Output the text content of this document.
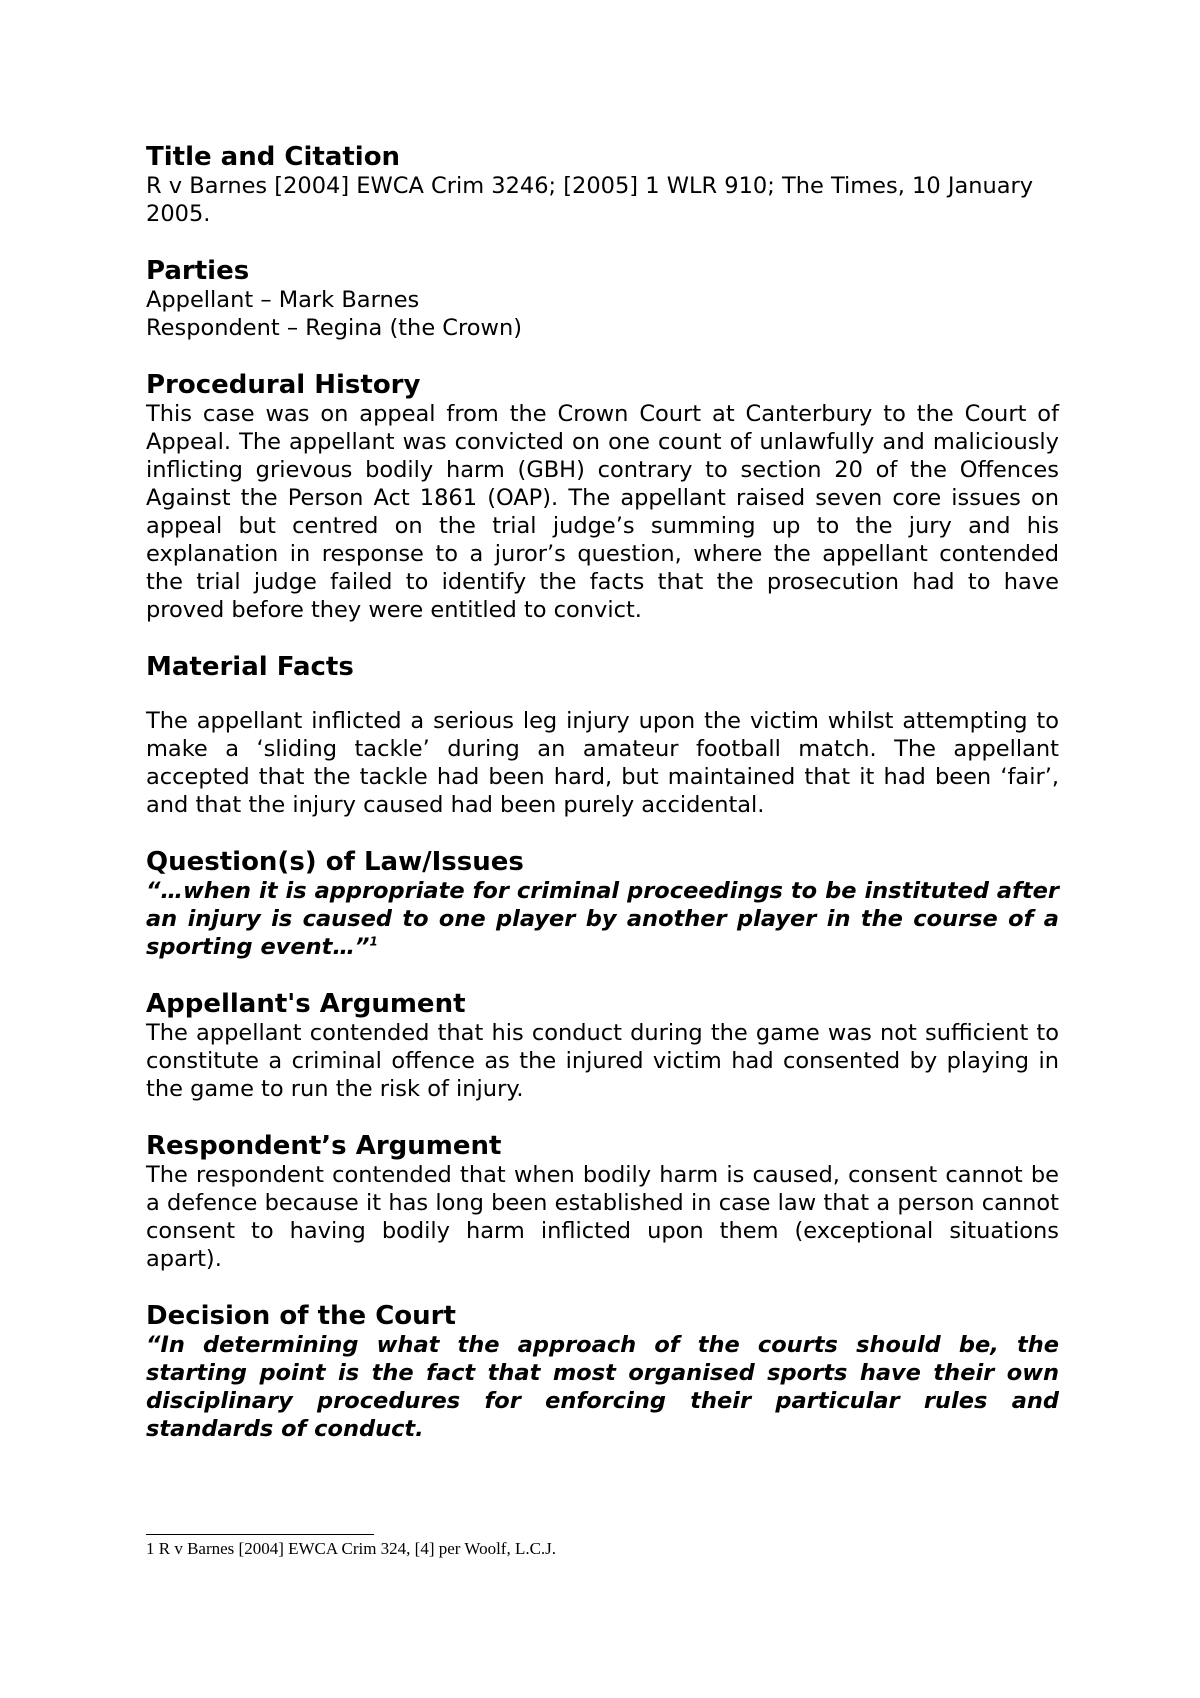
Title and Citation

R v Barnes [2004] EWCA Crim 3246; [2005] 1 WLR 910; The Times, 10 January 2005.

Parties
Appellant – Mark Barnes
Respondent – Regina (the Crown)
Procedural History

This case was on appeal from the Crown Court at Canterbury to the Court of Appeal. The appellant was convicted on one count of unlawfully and maliciously inflicting grievous bodily harm (GBH) contrary to section 20 of the Offences Against the Person Act 1861 (OAP). The appellant raised seven core issues on appeal but centred on the trial judge’s summing up to the jury and his explanation in response to a juror’s question, where the appellant contended the trial judge failed to identify the facts that the prosecution had to have proved before they were entitled to convict.

Material Facts

The appellant inflicted a serious leg injury upon the victim whilst attempting to make a ‘sliding tackle’ during an amateur football match. The appellant accepted that the tackle had been hard, but maintained that it had been ‘fair’, and that the injury caused had been purely accidental.

Question(s) of Law/Issues

“…when it is appropriate for criminal proceedings to be instituted after an injury is caused to one player by another player in the course of a sporting event…”$^1$

Appellant's Argument

The appellant contended that his conduct during the game was not sufficient to constitute a criminal offence as the injured victim had consented by playing in the game to run the risk of injury.

Respondent’s Argument

The respondent contended that when bodily harm is caused, consent cannot be a defence because it has long been established in case law that a person cannot consent to having bodily harm inflicted upon them (exceptional situations apart).

Decision of the Court

“In determining what the approach of the courts should be, the starting point is the fact that most organised sports have their own disciplinary procedures for enforcing their particular rules and standards of conduct.

1 R v Barnes [2004] EWCA Crim 324, [4] per Woolf, L.C.J.
